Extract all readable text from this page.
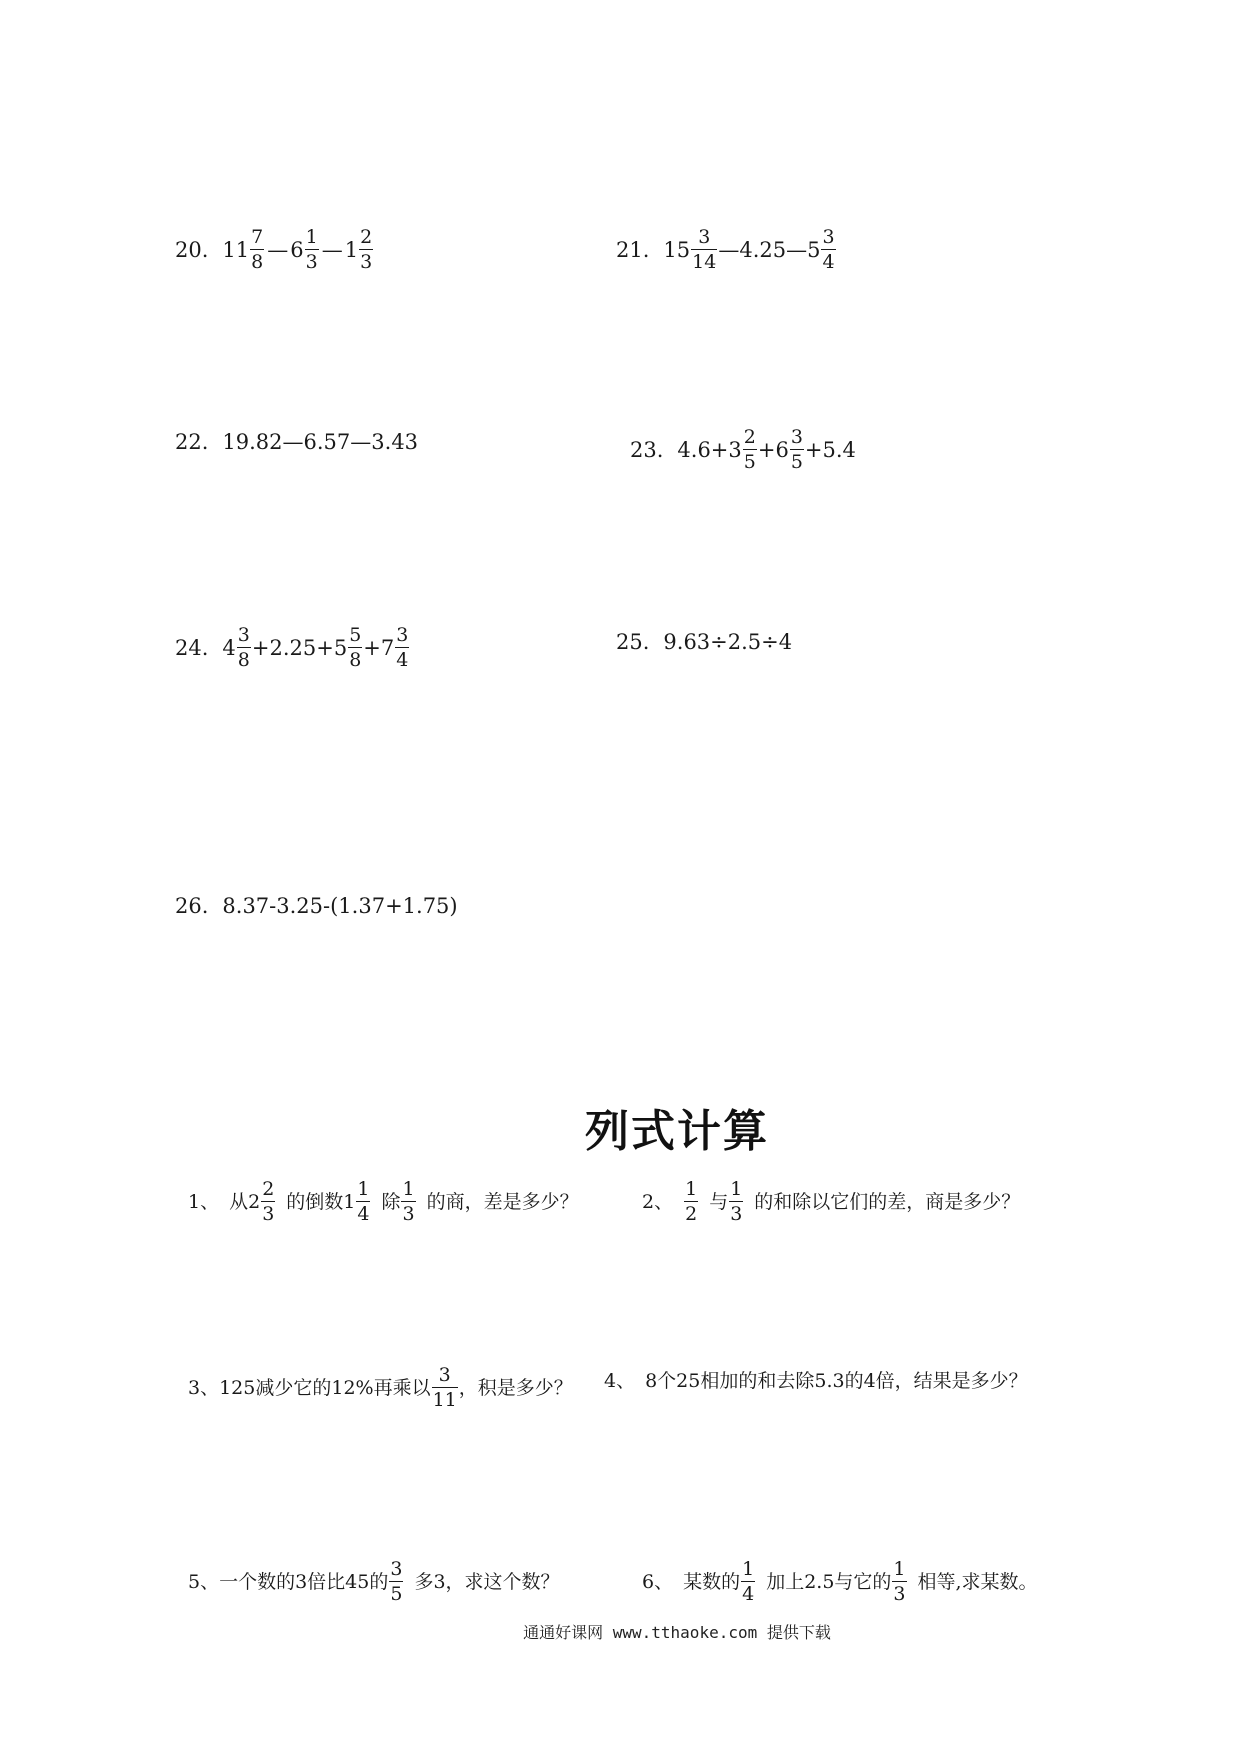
20. $11 \frac{7}{8}$ — $6 \frac{1}{3}$ — $1 \frac{2}{3}$	21. $15 \frac{3}{14}$ —4.25—5 $\frac{3}{4}$
22. 19.82—6.57—3.43	23. $4.6+3 \frac{2}{5} +6 \frac{3}{5} +5.4$
24. $4 \frac{3}{8} +2.25+5 \frac{5}{8} +7 \frac{3}{4}$	25. 9.63÷2.5÷4
26. 8.37-3.25-(1.37+1.75)
列式计算
1、 从$2 \frac{2}{3}$ 的倒数$1 \frac{1}{4}$ 除 $\frac{1}{3}$ 的商，差是多少？	2、 $\frac{1}{2}$ 与 $\frac{1}{3}$ 的和除以它们的差，商是多少？
3、 125减少它的12%再乘以 $\frac{3}{11}$ ，积是多少？ 4、 8个25相加的和去除5.3的4倍，结果是多少？
5、 一个数的3倍比45的 $\frac{3}{5}$ 多3，求这个数？	6、 某数的 $\frac{1}{4}$ 加上2.5与它的 $\frac{1}{3}$ 相等,求某数。
通通好课网 www.tthaoke.com 提供下载
